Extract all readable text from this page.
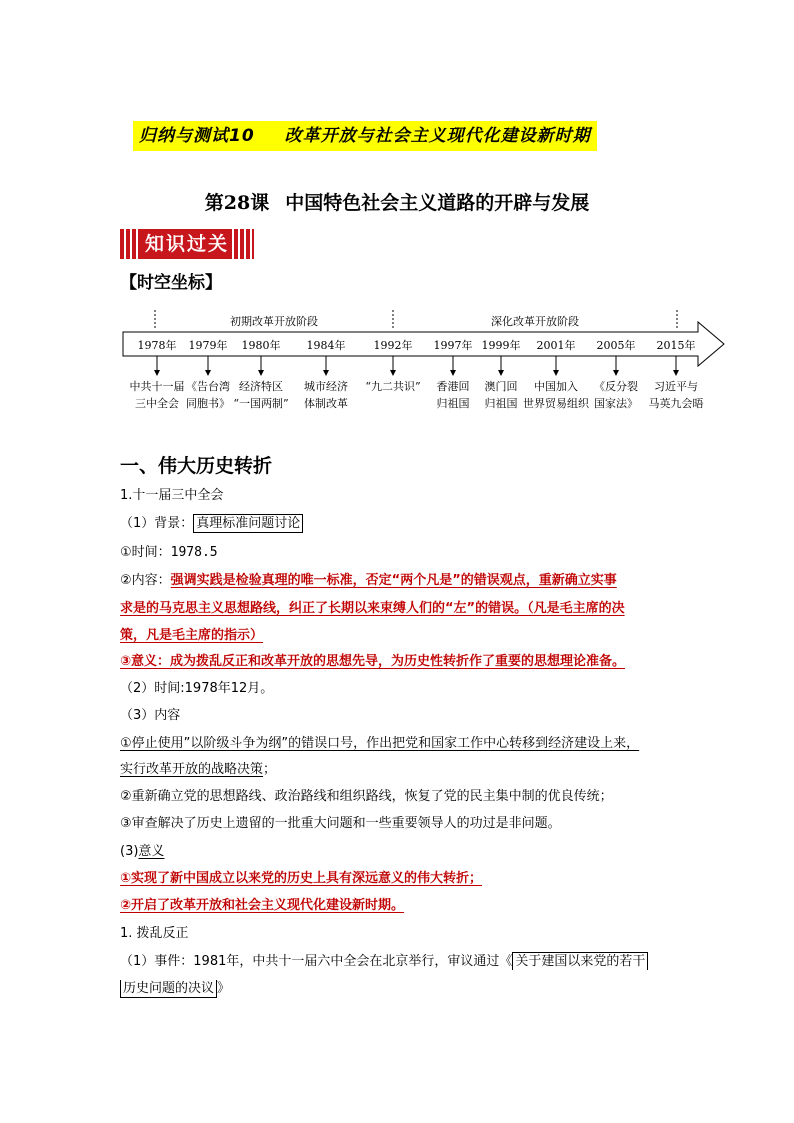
归纳与测试10 改革开放与社会主义现代化建设新时期
第28课 中国特色社会主义道路的开辟与发展
知识过关
【时空坐标】
初期改革开放阶段	深化改革开放阶段
1978年 1979年 1980年 1984年	1992年 1997年 1999年 2001年 2005年 2015年
中共十一届
三中全会
《告台湾
同胞书》
经济特区
“一国两制”
城市经济
体制改革
“九二共识” 香港回
归祖国
澳门回
归祖国
中国加入
世界贸易组织
《反分裂
国家法》
习近平与
马英九会晤
一、伟大历史转折
1.十一届三中全会
（1）背景： 真理标准问题讨论
①时间：1978.5
②内容：强调实践是检验真理的唯一标准，否定“两个凡是”的错误观点，重新确立实事
求是的马克思主义思想路线，纠正了长期以来束缚人们的“左”的错误。（凡是毛主席的决
策，凡是毛主席的指示）
③意义：成为拨乱反正和改革开放的思想先导，为历史性转折作了重要的思想理论准备。
（2）时间:1978年12月。
（3）内容
①停止使用”以阶级斗争为纲”的错误口号，作出把党和国家工作中心转移到经济建设上来，
实行改革开放的战略决策；
②重新确立党的思想路线、政治路线和组织路线，恢复了党的民主集中制的优良传统；
③审查解决了历史上遗留的一批重大问题和一些重要领导人的功过是非问题。
(3)意义
①实现了新中国成立以来党的历史上具有深远意义的伟大转折；
②开启了改革开放和社会主义现代化建设新时期。
1. 拨乱反正
（1）事件：1981年，中共十一届六中全会在北京举行，审议通过《 关于建国以来党的若干
历史问题的决议 》
